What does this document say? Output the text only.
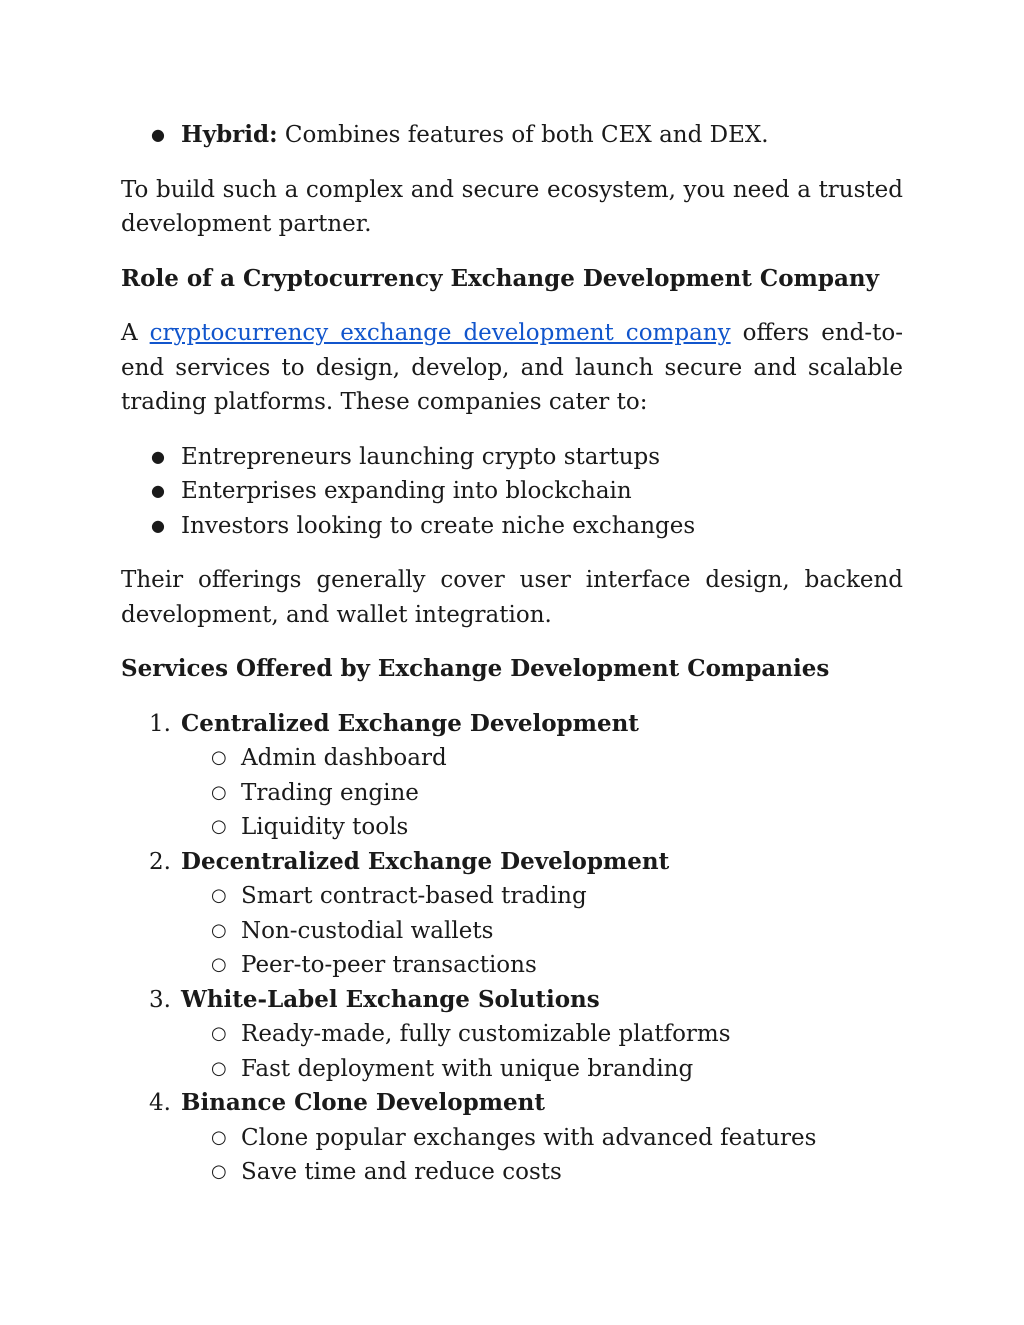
● Hybrid: Combines features of both CEX and DEX.

To build such a complex and secure ecosystem, you need a trusted development partner.

Role of a Cryptocurrency Exchange Development Company

A cryptocurrency exchange development company offers end-to-end services to design, develop, and launch secure and scalable trading platforms. These companies cater to:

● Entrepreneurs launching crypto startups
● Enterprises expanding into blockchain
● Investors looking to create niche exchanges

Their offerings generally cover user interface design, backend development, and wallet integration.

Services Offered by Exchange Development Companies

1. Centralized Exchange Development
○ Admin dashboard
○ Trading engine
○ Liquidity tools
2. Decentralized Exchange Development
○ Smart contract-based trading
○ Non-custodial wallets
○ Peer-to-peer transactions
3. White-Label Exchange Solutions
○ Ready-made, fully customizable platforms
○ Fast deployment with unique branding
4. Binance Clone Development
○ Clone popular exchanges with advanced features
○ Save time and reduce costs
